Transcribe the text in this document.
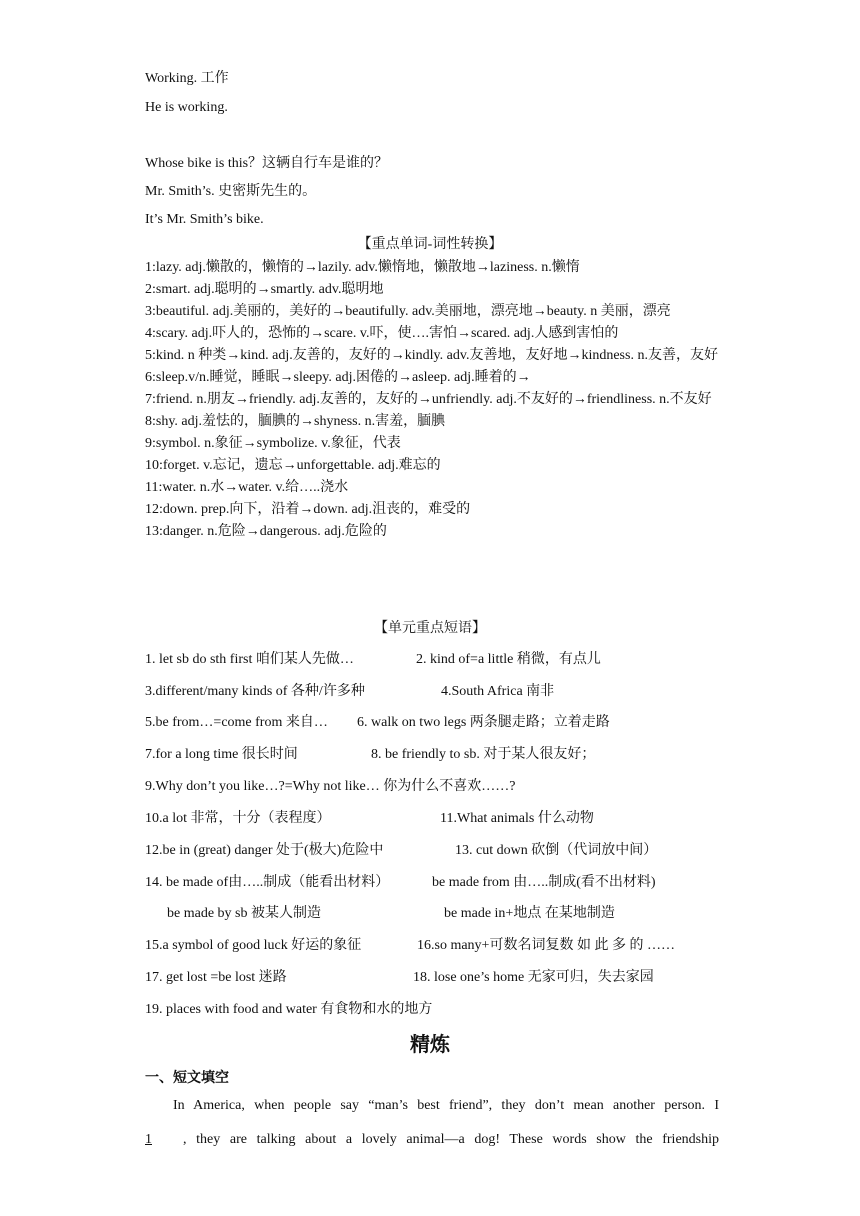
Working. 工作
He is working.
Whose bike is this？这辆自行车是谁的？
Mr. Smith’s. 史密斯先生的。
It’s Mr. Smith’s bike.
【重点单词-词性转换】
1:lazy. adj.懒散的，懒惰的→lazily. adv.懒惰地，懒散地→laziness. n.懒惰
2:smart. adj.聪明的→smartly. adv.聪明地
3:beautiful. adj.美丽的，美好的→beautifully. adv.美丽地，漂亮地→beauty. n 美丽，漂亮
4:scary. adj.吓人的，恐怖的→scare. v.吓，使….害怕→scared. adj.人感到害怕的
5:kind. n 种类→kind. adj.友善的，友好的→kindly. adv.友善地，友好地→kindness. n.友善，友好
6:sleep.v/n.睡觉，睡眠→sleepy. adj.困倦的→asleep. adj.睡着的→
7:friend. n.朋友→friendly. adj.友善的，友好的→unfriendly. adj.不友好的→friendliness. n.不友好
8:shy. adj.羞怯的，腼腆的→shyness. n.害羞，腼腆
9:symbol. n.象征→symbolize. v.象征，代表
10:forget. v.忘记，遗忘→unforgettable. adj.难忘的
11:water. n.水→water. v.给…..浇水
12:down. prep.向下，沿着→down. adj.沮丧的，难受的
13:danger. n.危险→dangerous. adj.危险的
【单元重点短语】
1. let sb do sth first 咱们某人先做…	2. kind of=a little 稍微，有点儿
3.different/many kinds of 各种/许多种	4.South Africa 南非
5.be from…=come from 来自… 6. walk on two legs 两条腿走路；立着走路
7.for a long time 很长时间	8. be friendly to sb. 对于某人很友好；
9.Why don’t you like…?=Why not like… 你为什么不喜欢……?
10.a lot 非常，十分（表程度）	11.What animals 什么动物
12.be in (great) danger 处于(极大)危险中	13. cut down 砍倒（代词放中间）
14. be made of由…..制成（能看出材料）	be made from 由…..制成(看不出材料)
be made by sb 被某人制造	be made in+地点 在某地制造
15.a symbol of good luck 好运的象征	16.so many+可数名词复数 如 此 多 的 ……
17. get lost =be lost 迷路	18. lose one’s home 无家可归，失去家园
19. places with food and water 有食物和水的地方
精炼
一、短文填空
In America, when people say “man’s best friend”, they don’t mean another person. I
1 , they are talking about a lovely animal—a dog! These words show the friendship
